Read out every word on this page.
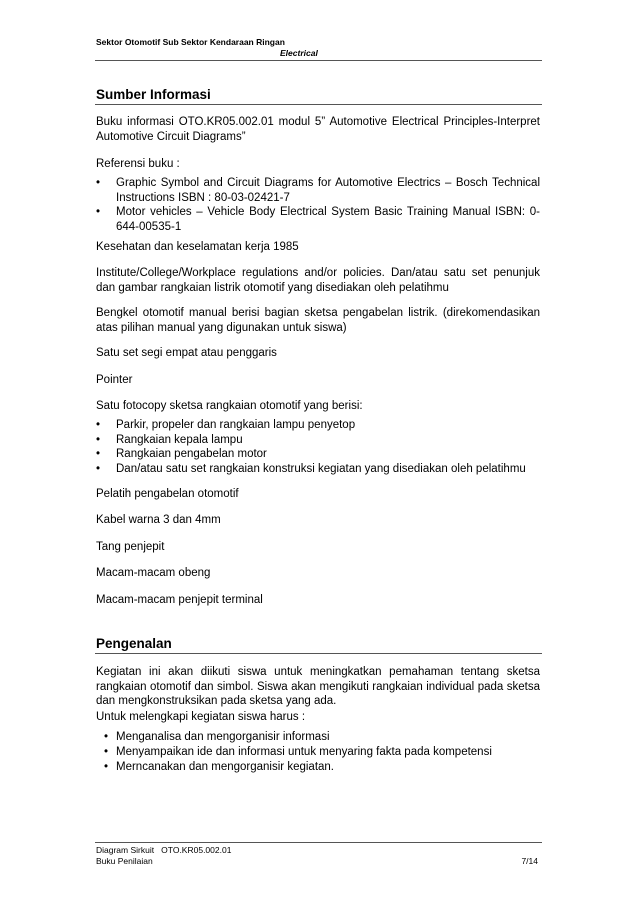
Sektor Otomotif Sub Sektor Kendaraan Ringan
Electrical
Sumber Informasi
Buku informasi OTO.KR05.002.01 modul 5” Automotive Electrical Principles-Interpret Automotive Circuit Diagrams”
Referensi buku :
• Graphic Symbol and Circuit Diagrams for Automotive Electrics – Bosch Technical Instructions ISBN : 80-03-02421-7
• Motor vehicles – Vehicle Body Electrical System Basic Training Manual ISBN: 0-644-00535-1
Kesehatan dan keselamatan kerja 1985
Institute/College/Workplace regulations and/or policies. Dan/atau satu set penunjuk dan gambar rangkaian listrik otomotif yang disediakan oleh pelatihmu
Bengkel otomotif manual berisi bagian sketsa pengabelan listrik. (direkomendasikan atas pilihan manual yang digunakan untuk siswa)
Satu set segi empat atau penggaris
Pointer
Satu fotocopy sketsa rangkaian otomotif yang berisi:
• Parkir, propeler dan rangkaian lampu penyetop
• Rangkaian kepala lampu
• Rangkaian pengabelan motor
• Dan/atau satu set rangkaian konstruksi kegiatan yang disediakan oleh pelatihmu
Pelatih pengabelan otomotif
Kabel warna 3 dan 4mm
Tang penjepit
Macam-macam obeng
Macam-macam penjepit terminal
Pengenalan
Kegiatan ini akan diikuti siswa untuk meningkatkan pemahaman tentang sketsa rangkaian otomotif dan simbol. Siswa akan mengikuti rangkaian individual pada sketsa dan mengkonstruksikan pada sketsa yang ada.
Untuk melengkapi kegiatan siswa harus :
• Menganalisa dan mengorganisir informasi
• Menyampaikan ide dan informasi untuk menyaring fakta pada kompetensi
• Merncanakan dan mengorganisir kegiatan.
Diagram Sirkuit   OTO.KR05.002.01
Buku Penilaian	7/14
